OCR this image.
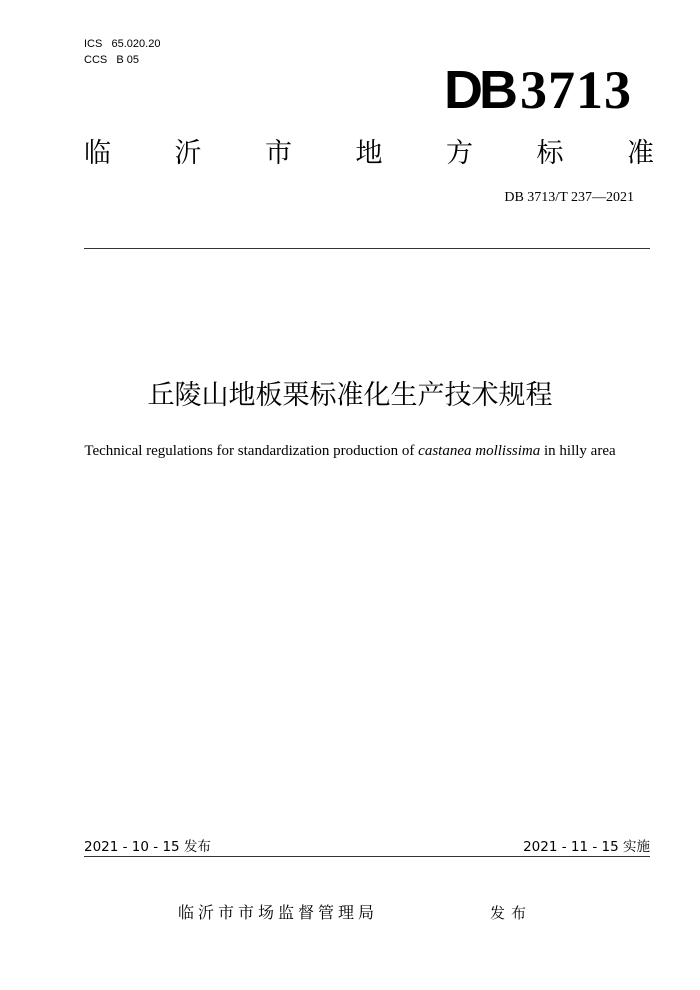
ICS   65.020.20
CCS   B 05	DB 3713
临 沂 市 地 方 标 准
DB 3713/T 237—2021
丘陵山地板栗标准化生产技术规程
Technical regulations for standardization production of castanea mollissima in hilly area
2021 - 10 - 15 发布	2021 - 11 - 15 实施
临沂市市场监督管理局	发布
